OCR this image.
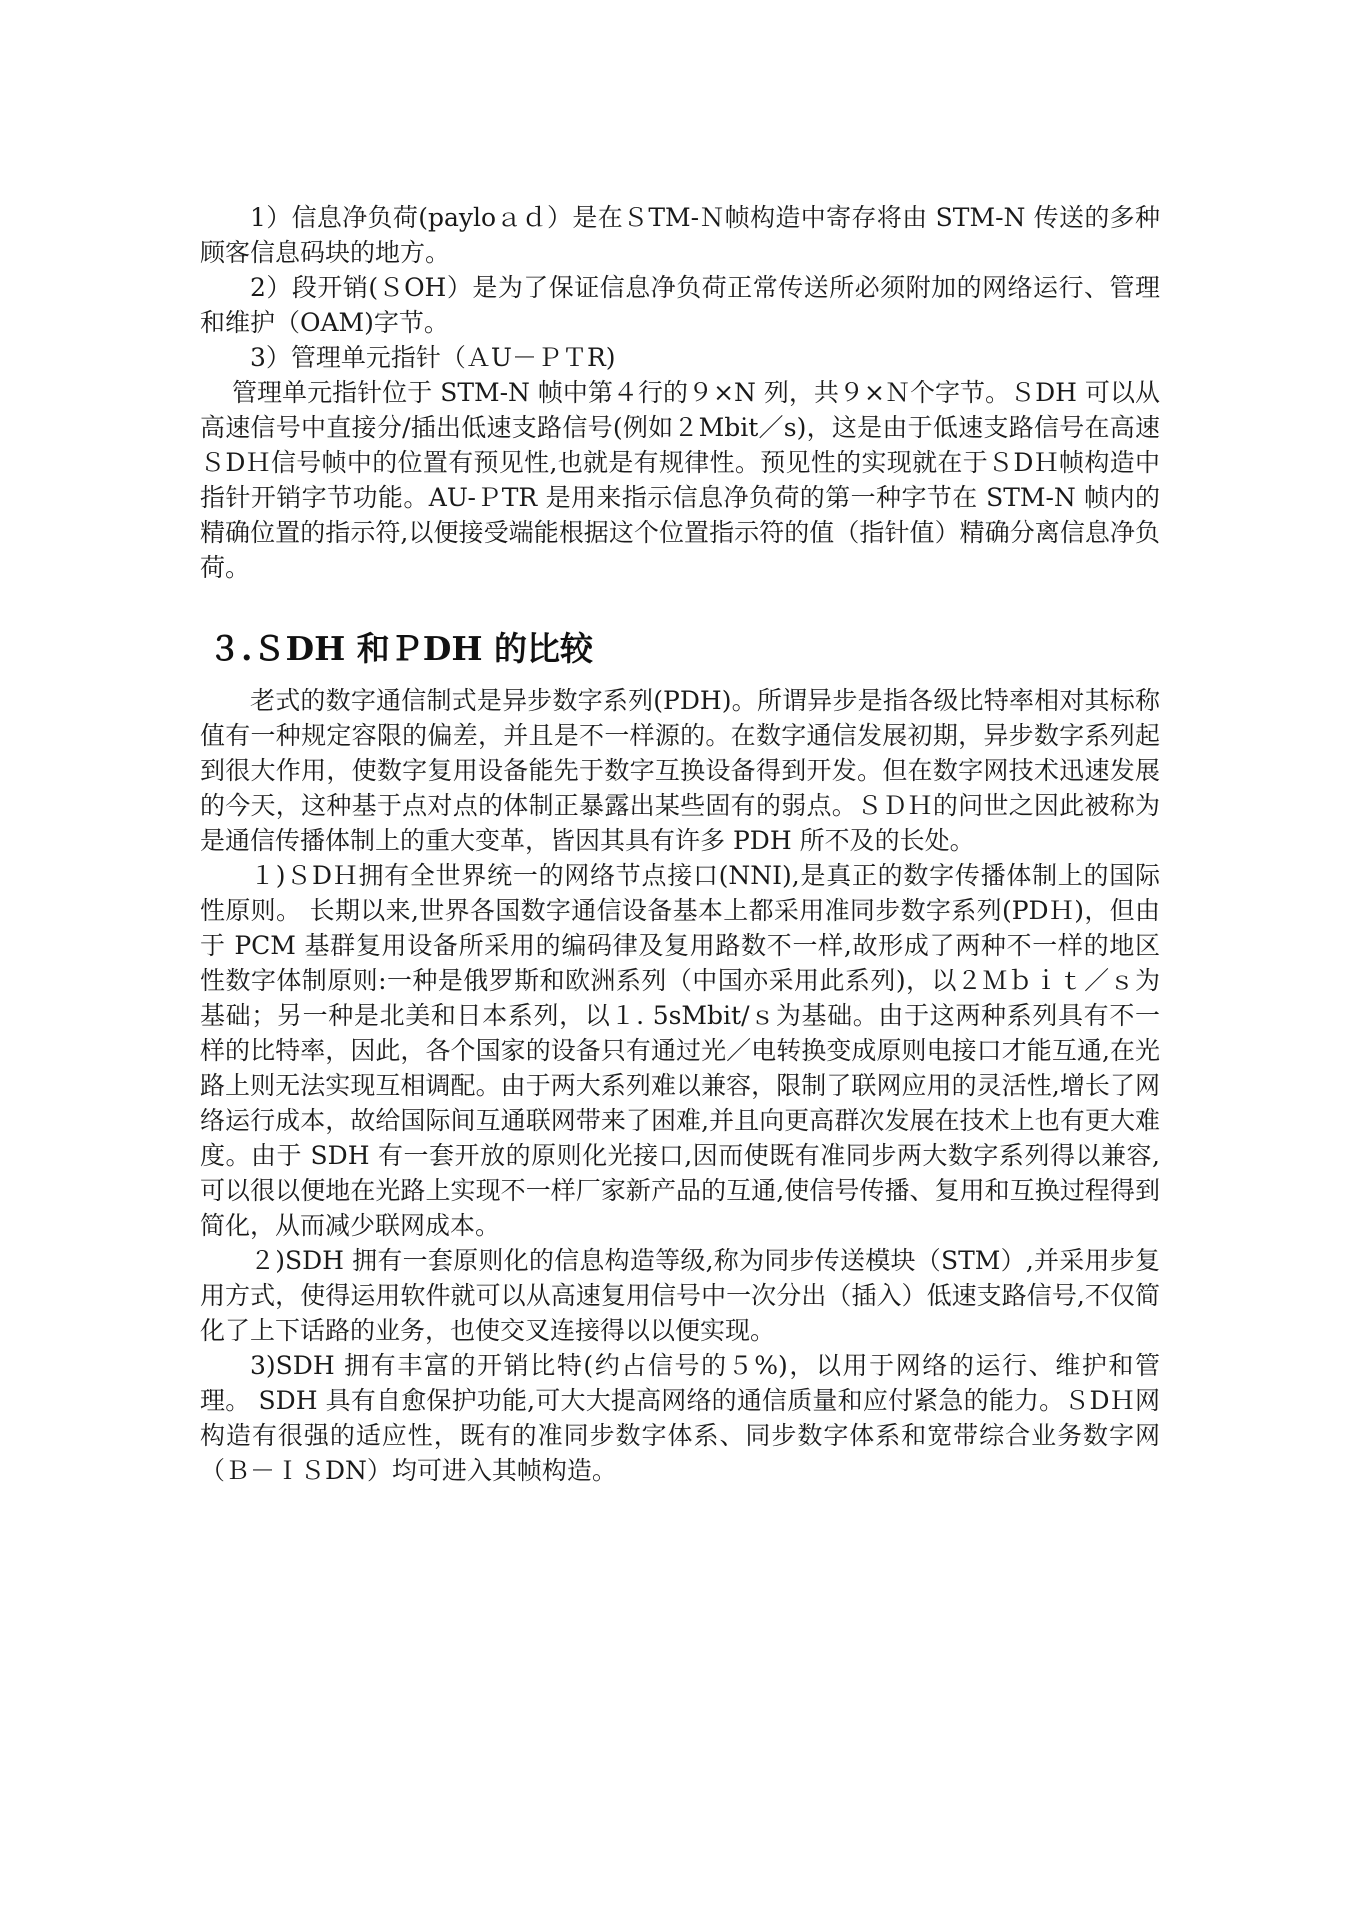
1）信息净负荷(payloａｄ）是在ＳTM-Ｎ帧构造中寄存将由 STM-N 传送的多种顾客信息码块的地方。

2）段开销(ＳOH）是为了保证信息净负荷正常传送所必须附加的网络运行、管理和维护（OAM)字节。

3）管理单元指针（ＡU－ＰＴR)

管理单元指针位于 STM-N 帧中第４行的９×N 列，共９×Ｎ个字节。ＳDH 可以从高速信号中直接分/插出低速支路信号(例如２Mbit／s)，这是由于低速支路信号在高速ＳDＨ信号帧中的位置有预见性,也就是有规律性。预见性的实现就在于ＳDＨ帧构造中指针开销字节功能。AU-ＰTR 是用来指示信息净负荷的第一种字节在 STM-N 帧内的精确位置的指示符,以便接受端能根据这个位置指示符的值（指针值）精确分离信息净负荷。

３.ＳDH 和ＰDH 的比较

老式的数字通信制式是异步数字系列(PDH)。所谓异步是指各级比特率相对其标称值有一种规定容限的偏差，并且是不一样源的。在数字通信发展初期，异步数字系列起到很大作用，使数字复用设备能先于数字互换设备得到开发。但在数字网技术迅速发展的今天，这种基于点对点的体制正暴露出某些固有的弱点。ＳＤＨ的问世之因此被称为是通信传播体制上的重大变革，皆因其具有许多 PDH 所不及的长处。

１)ＳDＨ拥有全世界统一的网络节点接口(NNI),是真正的数字传播体制上的国际性原则。 长期以来,世界各国数字通信设备基本上都采用准同步数字系列(PDＨ)，但由于 PCM 基群复用设备所采用的编码律及复用路数不一样,故形成了两种不一样的地区性数字体制原则:一种是俄罗斯和欧洲系列（中国亦采用此系列)，以２Ｍｂｉｔ／ｓ为基础；另一种是北美和日本系列，以１. 5sMbit/ｓ为基础。由于这两种系列具有不一样的比特率，因此，各个国家的设备只有通过光／电转换变成原则电接口才能互通,在光路上则无法实现互相调配。由于两大系列难以兼容，限制了联网应用的灵活性,增长了网络运行成本，故给国际间互通联网带来了困难,并且向更高群次发展在技术上也有更大难度。由于 SDH 有一套开放的原则化光接口,因而使既有准同步两大数字系列得以兼容,可以很以便地在光路上实现不一样厂家新产品的互通,使信号传播、复用和互换过程得到简化，从而减少联网成本。

２)SDH 拥有一套原则化的信息构造等级,称为同步传送模块（STM）,并采用步复用方式，使得运用软件就可以从高速复用信号中一次分出（插入）低速支路信号,不仅简化了上下话路的业务，也使交叉连接得以以便实现。

3)SDH 拥有丰富的开销比特(约占信号的５%)，以用于网络的运行、维护和管理。 SDH 具有自愈保护功能,可大大提高网络的通信质量和应付紧急的能力。ＳDＨ网构造有很强的适应性，既有的准同步数字体系、同步数字体系和宽带综合业务数字网（Ｂ－ＩＳDN）均可进入其帧构造。
